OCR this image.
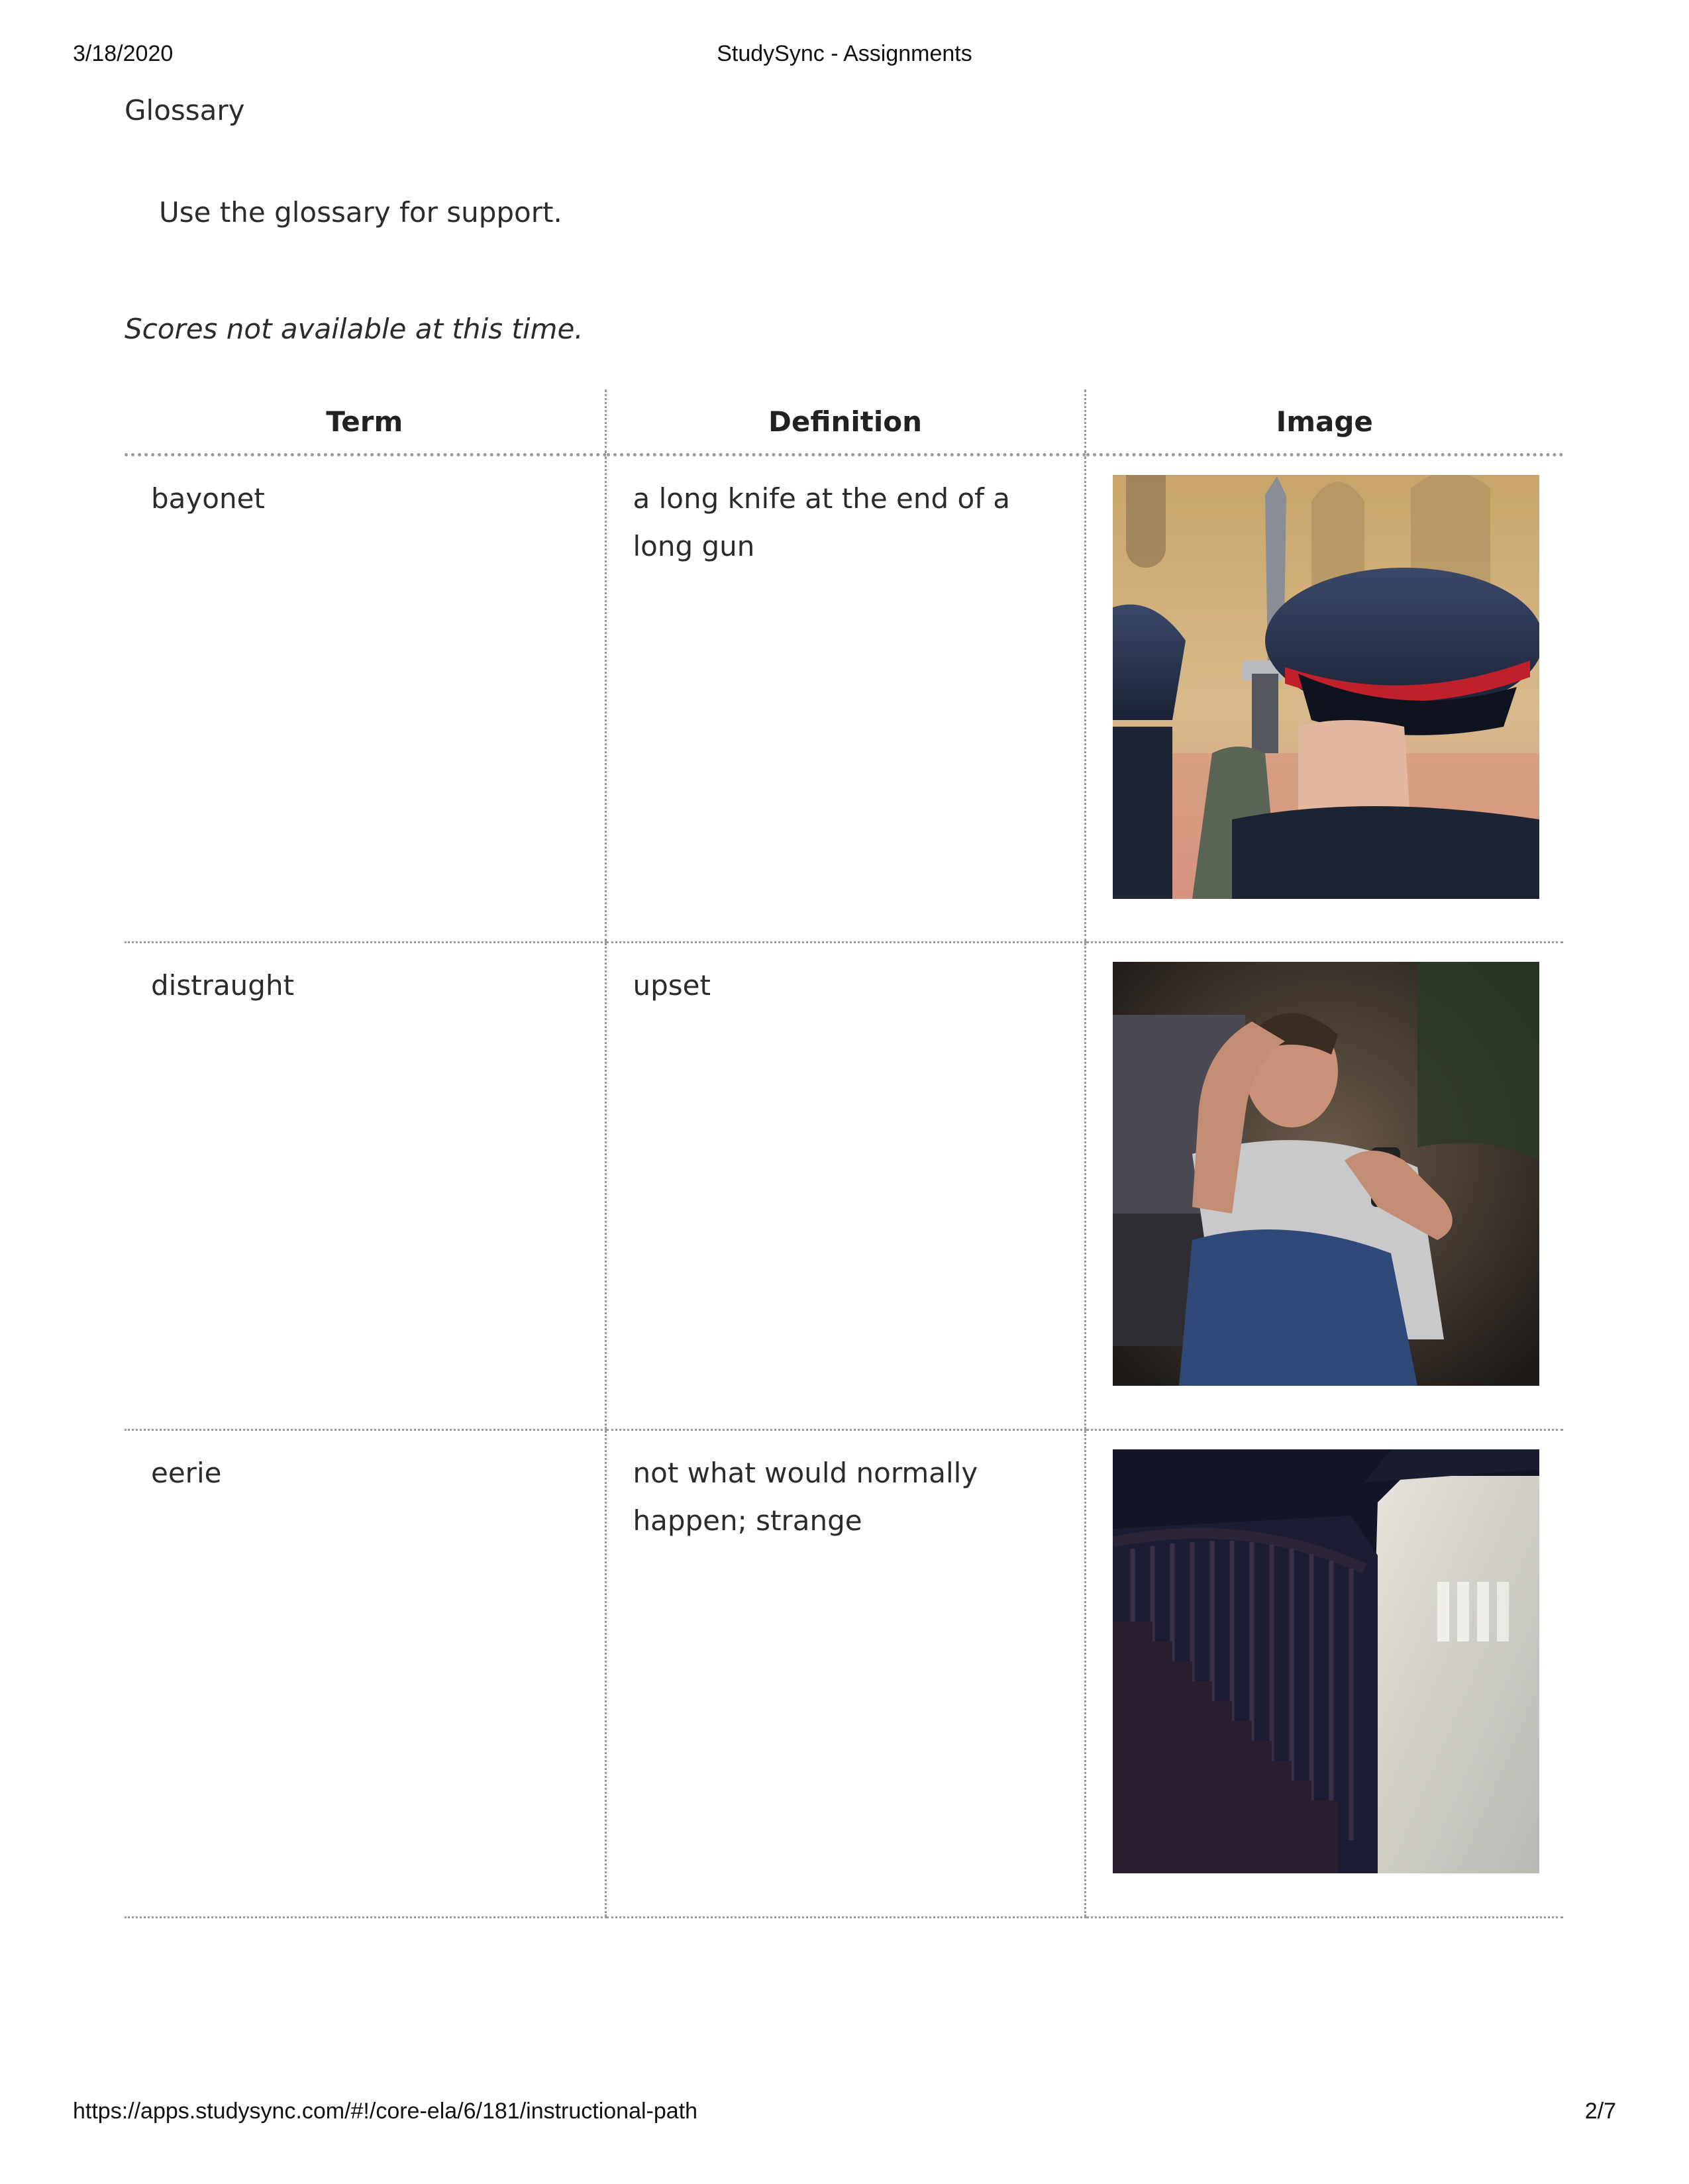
3/18/2020	StudySync - Assignments
Glossary
Use the glossary for support.
Scores not available at this time.
Term	Definition	Image
bayonet	a long knife at the end of a long gun	

distraught	upset	

eerie	not what would normally happen; strange	
https://apps.studysync.com/#!/core-ela/6/181/instructional-path	2/7
